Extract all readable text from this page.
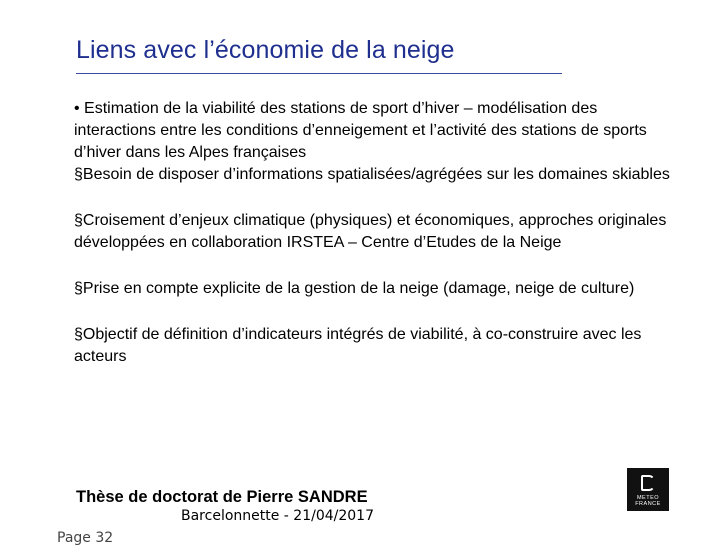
Liens avec l’économie de la neige

• Estimation de la viabilité des stations de sport d’hiver – modélisation des interactions entre les conditions d’enneigement et l’activité des stations de sports d’hiver dans les Alpes françaises

§Besoin de disposer d’informations spatialisées/agrégées sur les domaines skiables

§Croisement d’enjeux climatique (physiques) et économiques, approches originales développées en collaboration IRSTEA – Centre d’Etudes de la Neige

§Prise en compte explicite de la gestion de la neige (damage, neige de culture)

§Objectif de définition d’indicateurs intégrés de viabilité, à co-construire avec les acteurs

Thèse de doctorat de Pierre SANDRE
Barcelonnette - 21/04/2017
Page 32
METEO
FRANCE
